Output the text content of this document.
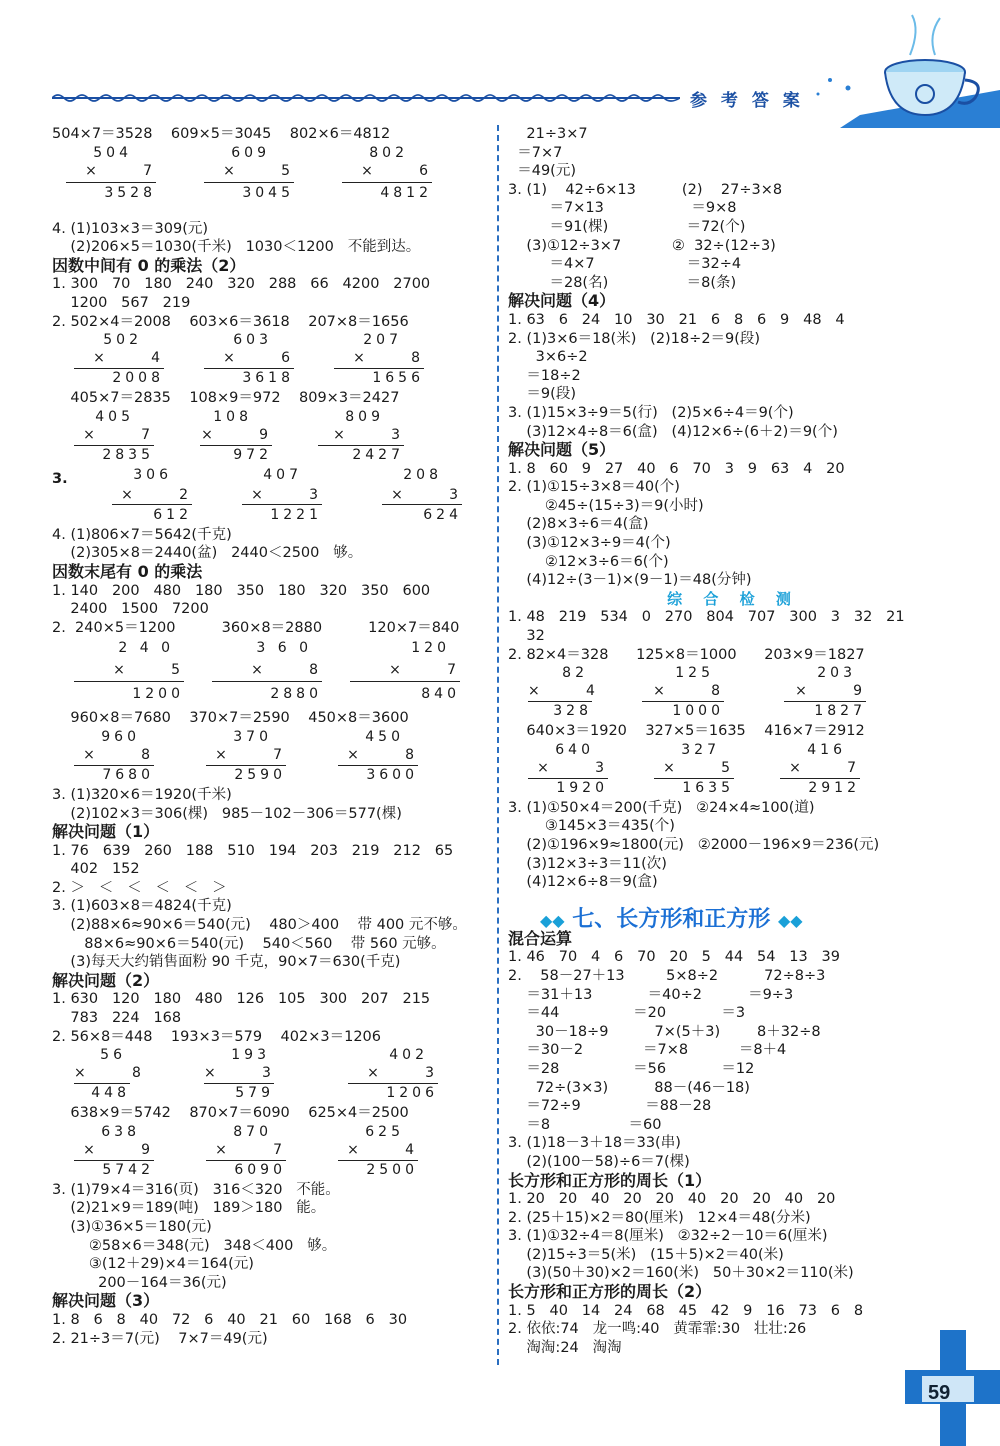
参 考 答 案
504×7＝3528    609×5＝3045    802×6＝4812
504
×     7
3528
609
×     5
3045
802
×     6
4812
4. (1)103×3＝309(元)
(2)206×5＝1030(千米)   1030＜1200   不能到达。
因数中间有 0 的乘法（2）
1. 300   70   180   240   320   288   66   4200   2700
1200   567   219
2. 502×4＝2008    603×6＝3618    207×8＝1656
502
×     4
2008
603
×     6
3618
207
×     8
1656
405×7＝2835    108×9＝972    809×3＝2427
405
×     7
2835
108
×     9
972
809
×     3
2427
3.	306
×     2
612
407
×     3
1221
208
×     3
624
4. (1)806×7＝5642(千克)
(2)305×8＝2440(盆)   2440＜2500   够。
因数末尾有 0 的乘法
1. 140   200   480   180   350   180   320   350   600
2400   1500   7200
2.  240×5＝1200          360×8＝2880          120×7＝840
2 4 0
×     5
1200
3 6 0
×     8
2880
120
×     7
840
960×8＝7680    370×7＝2590    450×8＝3600
960
×     8
7680
370
×     7
2590
450
×     8
3600
3. (1)320×6＝1920(千米)
(2)102×3＝306(棵)   985－102－306＝577(棵)
解决问题（1）
1. 76   639   260   188   510   194   203   219   212   65
402   152
2. ＞   ＜   ＜   ＜   ＜   ＞
3. (1)603×8＝4824(千克)
(2)88×6≈90×6＝540(元)    480＞400    带 400 元不够。
88×6≈90×6＝540(元)    540＜560    带 560 元够。
(3)每天大约销售面粉 90 千克，90×7＝630(千克)
解决问题（2）
1. 630   120   180   480   126   105   300   207   215
783   224   168
2. 56×8＝448    193×3＝579    402×3＝1206
56
×     8
448
193
×     3
579
402
×     3
1206
638×9＝5742    870×7＝6090    625×4＝2500
638
×     9
5742
870
×     7
6090
625
×     4
2500
3. (1)79×4＝316(页)   316＜320   不能。
(2)21×9＝189(吨)   189＞180   能。
(3)①36×5＝180(元)
②58×6＝348(元)   348＜400   够。
③(12＋29)×4＝164(元)
200－164＝36(元)
解决问题（3）
1. 8   6   8   40   72   6   40   21   60   168   6   30
2. 21÷3＝7(元)    7×7＝49(元)
21÷3×7
＝7×7
＝49(元)
3. (1)    42÷6×13          (2)    27÷3×8
＝7×13                   ＝9×8
＝91(棵)                 ＝72(个)
(3)①12÷3×7           ②  32÷(12÷3)
＝4×7                    ＝32÷4
＝28(名)                 ＝8(条)
解决问题（4）
1. 63   6   24   10   30   21   6   8   6   9   48   4
2. (1)3×6＝18(米)   (2)18÷2＝9(段)
3×6÷2
＝18÷2
＝9(段)
3. (1)15×3÷9＝5(行)   (2)5×6÷4＝9(个)
(3)12×4÷8＝6(盒)   (4)12×6÷(6＋2)＝9(个)
解决问题（5）
1. 8   60   9   27   40   6   70   3   9   63   4   20
2. (1)①15÷3×8＝40(个)
②45÷(15÷3)＝9(小时)
(2)8×3÷6＝4(盒)
(3)①12×3÷9＝4(个)
②12×3÷6＝6(个)
(4)12÷(3－1)×(9－1)＝48(分钟)
综 合 检 测
1. 48   219   534   0   270   804   707   300   3   32   21
32
2. 82×4＝328      125×8＝1000      203×9＝1827
82
×     4
328
125
×     8
1000
203
×     9
1827
640×3＝1920    327×5＝1635    416×7＝2912
640
×     3
1920
327
×     5
1635
416
×     7
2912
3. (1)①50×4＝200(千克)   ②24×4≈100(道)
③145×3＝435(个)
(2)①196×9≈1800(元)   ②2000－196×9＝236(元)
(3)12×3÷3＝11(次)
(4)12×6÷8＝9(盒)
混合运算
1. 46   70   4   6   70   20   5   44   54   13   39
2.    58－27＋13         5×8÷2          72÷8÷3
＝31＋13            ＝40÷2          ＝9÷3
＝44                ＝20            ＝3
30－18÷9          7×(5＋3)        8＋32÷8
＝30－2             ＝7×8           ＝8＋4
＝28                ＝56            ＝12
72÷(3×3)          88－(46－18)
＝72÷9              ＝88－28
＝8                 ＝60
3. (1)18－3＋18＝33(串)
(2)(100－58)÷6＝7(棵)
长方形和正方形的周长（1）
1. 20   20   40   20   20   40   20   20   40   20
2. (25＋15)×2＝80(厘米)   12×4＝48(分米)
3. (1)①32÷4＝8(厘米)   ②32÷2－10＝6(厘米)
(2)15÷3＝5(米)   (15＋5)×2＝40(米)
(3)(50＋30)×2＝160(米)   50＋30×2＝110(米)
长方形和正方形的周长（2）
1. 5   40   14   24   68   45   42   9   16   73   6   8
2. 依依:74   龙一鸣:40   黄霏霏:30   壮壮:26
淘淘:24   淘淘
◆◆ 七、长方形和正方形 ◆◆
59
